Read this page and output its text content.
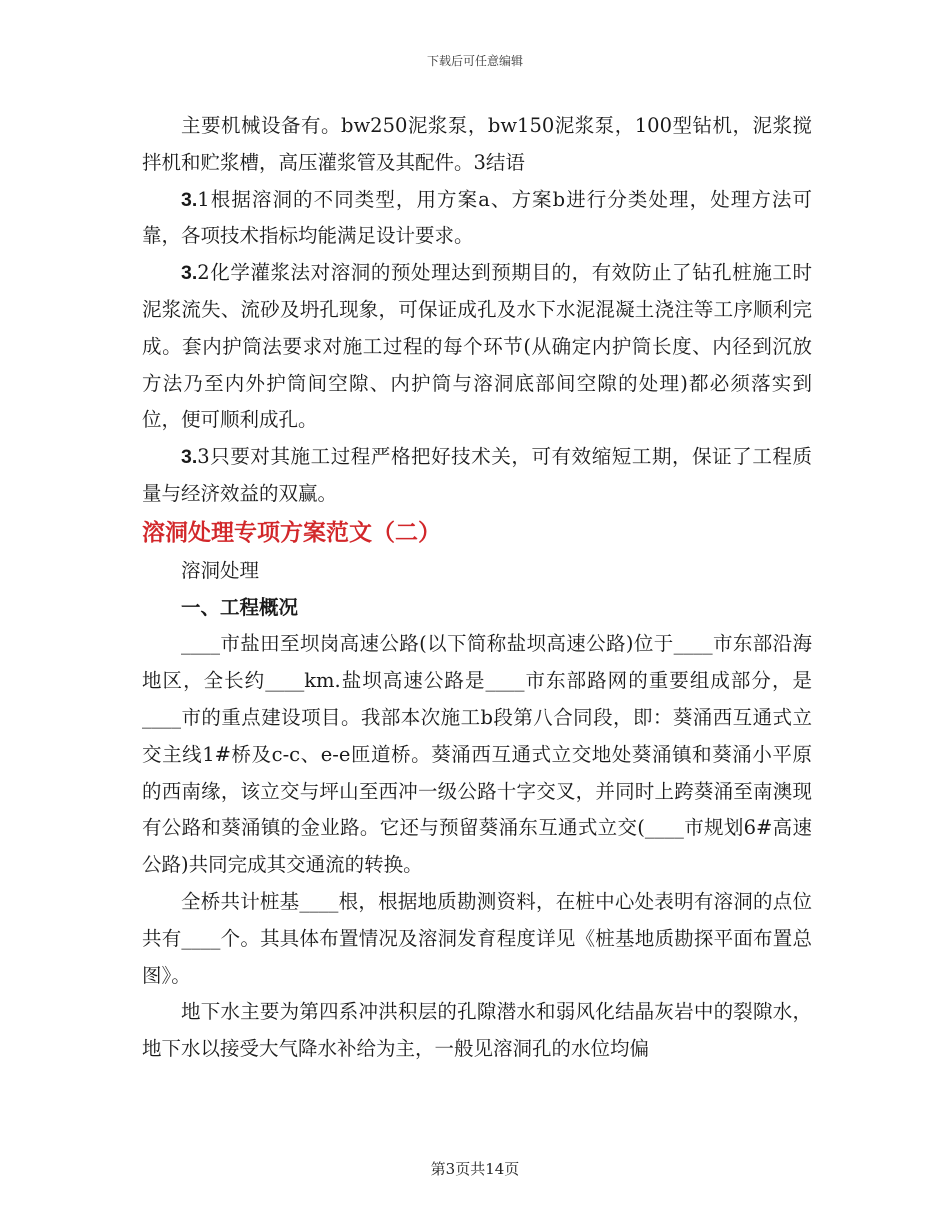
下载后可任意编辑

主要机械设备有。bw250泥浆泵，bw150泥浆泵，100型钻机，泥浆搅拌机和贮浆槽，高压灌浆管及其配件。3结语

3.1根据溶洞的不同类型，用方案a、方案b进行分类处理，处理方法可靠，各项技术指标均能满足设计要求。

3.2化学灌浆法对溶洞的预处理达到预期目的，有效防止了钻孔桩施工时泥浆流失、流砂及坍孔现象，可保证成孔及水下水泥混凝土浇注等工序顺利完成。套内护筒法要求对施工过程的每个环节(从确定内护筒长度、内径到沉放方法乃至内外护筒间空隙、内护筒与溶洞底部间空隙的处理)都必须落实到位，便可顺利成孔。

3.3只要对其施工过程严格把好技术关，可有效缩短工期，保证了工程质量与经济效益的双赢。

溶洞处理专项方案范文（二）

溶洞处理

一、工程概况

____市盐田至坝岗高速公路(以下简称盐坝高速公路)位于____市东部沿海地区，全长约____km.盐坝高速公路是____市东部路网的重要组成部分，是____市的重点建设项目。我部本次施工b段第八合同段，即：葵涌西互通式立交主线1#桥及c-c、e-e匝道桥。葵涌西互通式立交地处葵涌镇和葵涌小平原的西南缘，该立交与坪山至西冲一级公路十字交叉，并同时上跨葵涌至南澳现有公路和葵涌镇的金业路。它还与预留葵涌东互通式立交(____市规划6#高速公路)共同完成其交通流的转换。

全桥共计桩基____根，根据地质勘测资料，在桩中心处表明有溶洞的点位共有____个。其具体布置情况及溶洞发育程度详见《桩基地质勘探平面布置总图》。

地下水主要为第四系冲洪积层的孔隙潜水和弱风化结晶灰岩中的裂隙水，地下水以接受大气降水补给为主，一般见溶洞孔的水位均偏

第3页共14页
